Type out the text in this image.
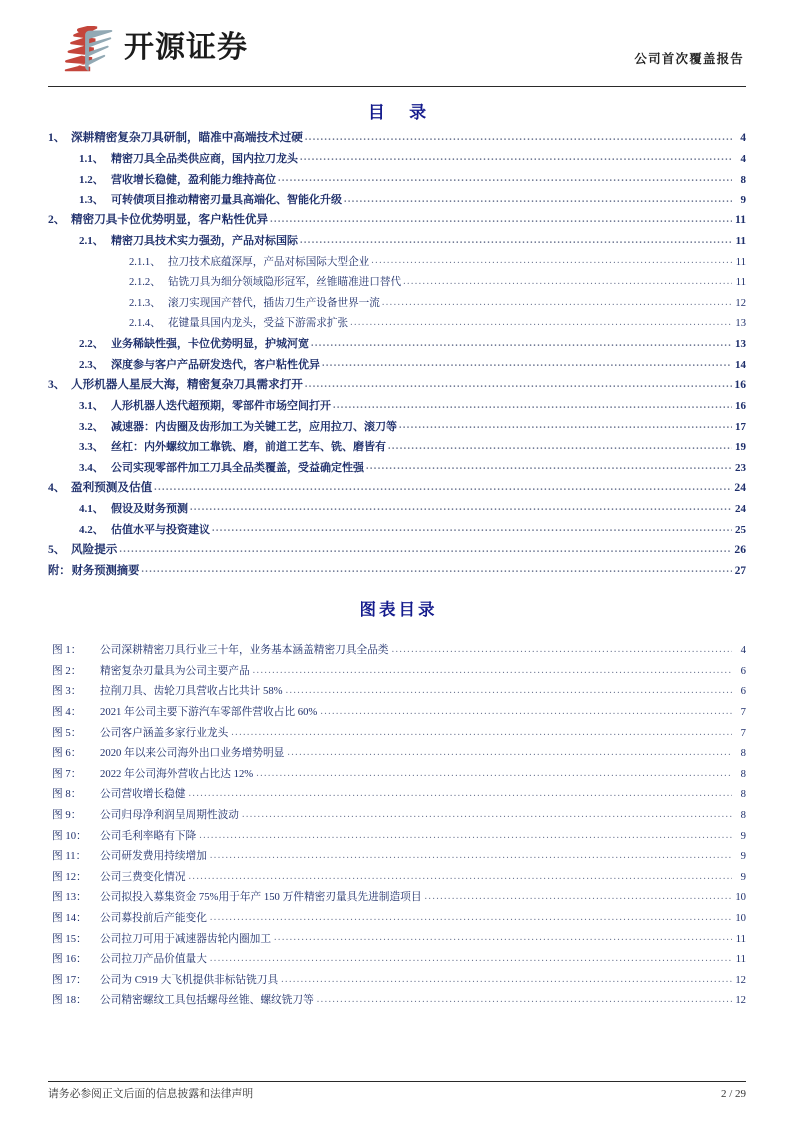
开源证券	公司首次覆盖报告
目 录
1、 深耕精密复杂刀具研制，瞄准中高端技术过硬 .....	4
1.1、 精密刀具全品类供应商，国内拉刀龙头 .....	4
1.2、 营收增长稳健，盈利能力维持高位 .....	8
1.3、 可转债项目推动精密刃量具高端化、智能化升级 .....	9
2、 精密刀具卡位优势明显，客户粘性优异 .....	11
2.1、 精密刀具技术实力强劲，产品对标国际 .....	11
2.1.1、 拉刀技术底蕴深厚，产品对标国际大型企业 .....	11
2.1.2、 钻铣刀具为细分领域隐形冠军，丝锥瞄准进口替代 .....	11
2.1.3、 滚刀实现国产替代，插齿刀生产设备世界一流 .....	12
2.1.4、 花键量具国内龙头，受益下游需求扩张 .....	13
2.2、 业务稀缺性强，卡位优势明显，护城河宽 .....	13
2.3、 深度参与客户产品研发迭代，客户粘性优异 .....	14
3、 人形机器人星辰大海，精密复杂刀具需求打开 .....	16
3.1、 人形机器人迭代超预期，零部件市场空间打开 .....	16
3.2、 减速器：内齿圈及齿形加工为关键工艺，应用拉刀、滚刀等 .....	17
3.3、 丝杠：内外螺纹加工靠铣、磨，前道工艺车、铣、磨皆有 .....	19
3.4、 公司实现零部件加工刀具全品类覆盖，受益确定性强 .....	23
4、 盈利预测及估值 .....	24
4.1、 假设及财务预测 .....	24
4.2、 估值水平与投资建议 .....	25
5、 风险提示 .....	26
附： 财务预测摘要 .....	27
图表目录
图 1：	公司深耕精密刀具行业三十年，业务基本涵盖精密刀具全品类 .....	4
图 2：	精密复杂刃量具为公司主要产品 .....	6
图 3：	拉削刀具、齿轮刀具营收占比共计 58% .....	6
图 4：	2021 年公司主要下游汽车零部件营收占比 60% .....	7
图 5：	公司客户涵盖多家行业龙头 .....	7
图 6：	2020 年以来公司海外出口业务增势明显 .....	8
图 7：	2022 年公司海外营收占比达 12% .....	8
图 8：	公司营收增长稳健 .....	8
图 9：	公司归母净利润呈周期性波动 .....	8
图 10：	公司毛利率略有下降 .....	9
图 11：	公司研发费用持续增加 .....	9
图 12：	公司三费变化情况 .....	9
图 13：	公司拟投入募集资金 75%用于年产 150 万件精密刃量具先进制造项目 .....	10
图 14：	公司募投前后产能变化 .....	10
图 15：	公司拉刀可用于减速器齿轮内圈加工 .....	11
图 16：	公司拉刀产品价值量大 .....	11
图 17：	公司为 C919 大飞机提供非标钻铣刀具 .....	12
图 18：	公司精密螺纹工具包括螺母丝锥、螺纹铣刀等 .....	12
请务必参阅正文后面的信息披露和法律声明	2 / 29
